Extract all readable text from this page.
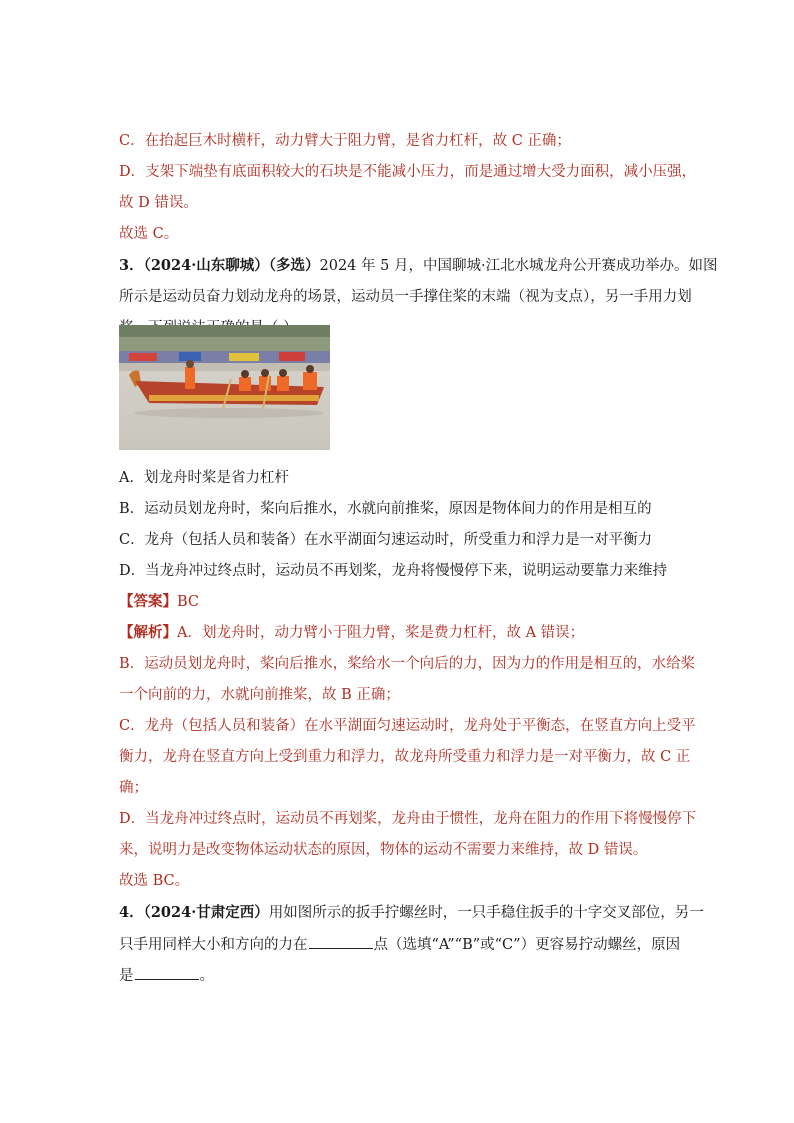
C．在抬起巨木时横杆，动力臂大于阻力臂，是省力杠杆，故 C 正确；
D．支架下端垫有底面积较大的石块是不能减小压力，而是通过增大受力面积，减小压强，
故 D 错误。
故选 C。
3．（2024·山东聊城）（多选）2024 年 5 月，中国聊城·江北水城龙舟公开赛成功举办。如图
所示是运动员奋力划动龙舟的场景，运动员一手撑住桨的末端（视为支点），另一手用力划
A．划龙舟时桨是省力杠杆
B．运动员划龙舟时，桨向后推水，水就向前推桨，原因是物体间力的作用是相互的
C．龙舟（包括人员和装备）在水平湖面匀速运动时，所受重力和浮力是一对平衡力
D．当龙舟冲过终点时，运动员不再划桨，龙舟将慢慢停下来，说明运动要靠力来维持
【答案】BC
【解析】A．划龙舟时，动力臂小于阻力臂，桨是费力杠杆，故 A 错误；
B．运动员划龙舟时，桨向后推水，桨给水一个向后的力，因为力的作用是相互的，水给桨
一个向前的力，水就向前推桨，故 B 正确；
C．龙舟（包括人员和装备）在水平湖面匀速运动时，龙舟处于平衡态，在竖直方向上受平
衡力，龙舟在竖直方向上受到重力和浮力，故龙舟所受重力和浮力是一对平衡力，故 C 正
确；
D．当龙舟冲过终点时，运动员不再划桨，龙舟由于惯性，龙舟在阻力的作用下将慢慢停下
来，说明力是改变物体运动状态的原因，物体的运动不需要力来维持，故 D 错误。
故选 BC。
4．（2024·甘肃定西）用如图所示的扳手拧螺丝时，一只手稳住扳手的十字交叉部位，另一
只手用同样大小和方向的力在	点（选填“A”“B”或“C”）更容易拧动螺丝，原因
是	。
